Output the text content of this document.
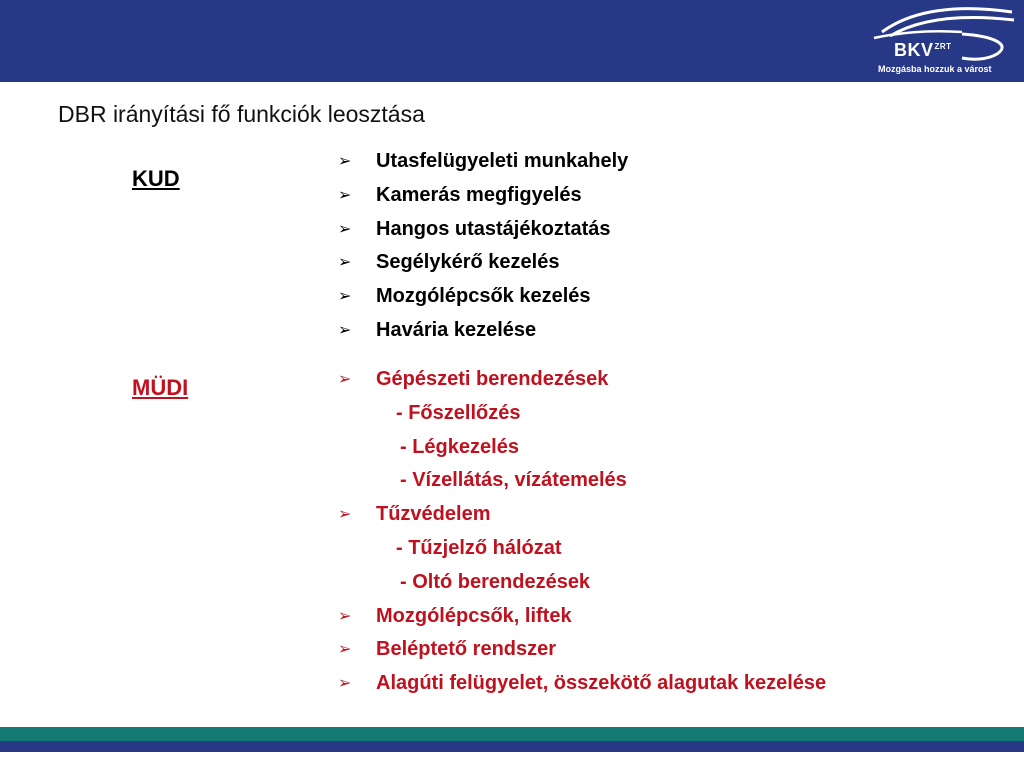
$BKV^{ZRT}$
Mozgásba hozzuk a várost
DBR irányítási fő funkciók leosztása
KUD
MÜDI
➢ Utasfelügyeleti munkahely
➢ Kamerás megfigyelés
➢ Hangos utastájékoztatás
➢ Segélykérő kezelés
➢ Mozgólépcsők kezelés
➢ Havária kezelése
➢ Gépészeti berendezések
- Főszellőzés
- Légkezelés
- Vízellátás, vízátemelés
➢ Tűzvédelem
- Tűzjelző hálózat
- Oltó berendezések
➢ Mozgólépcsők, liftek
➢ Beléptető rendszer
➢ Alagúti felügyelet, összekötő alagutak kezelése
